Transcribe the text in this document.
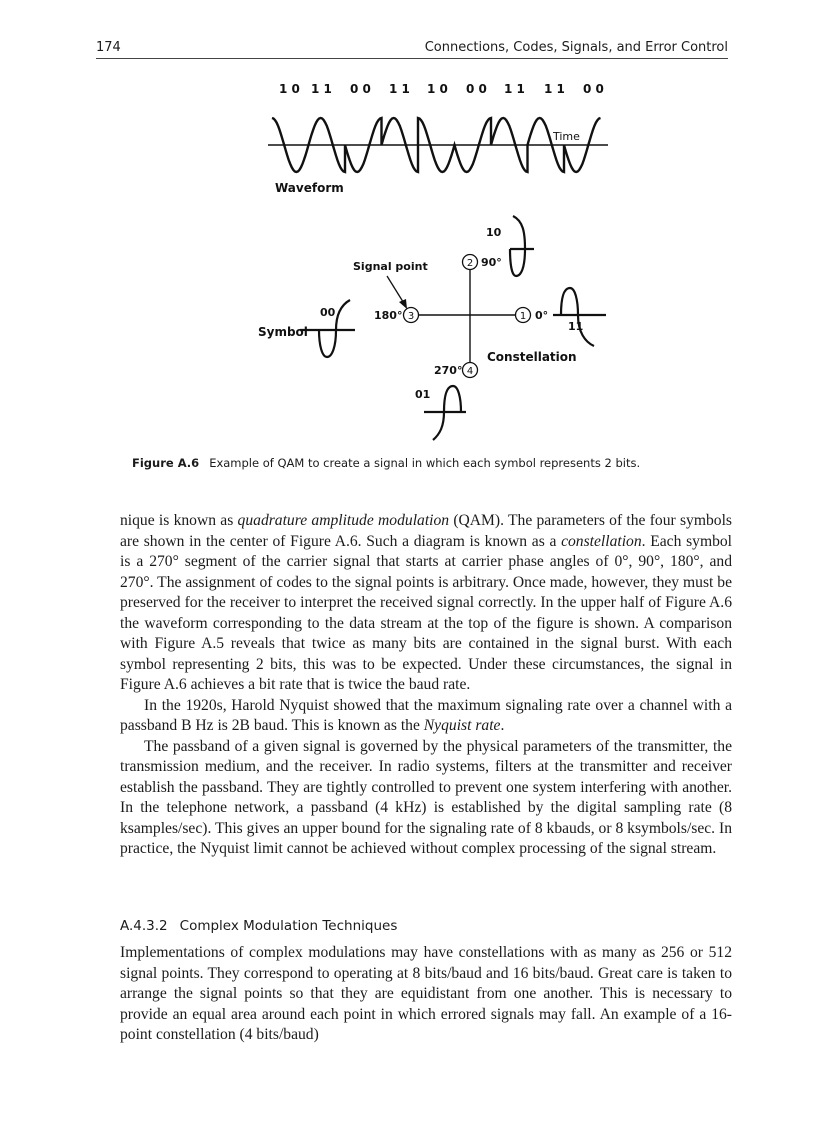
174	Connections, Codes, Signals, and Error Control
1 0 1 1 0 0 1 1 1 0 0 0 1 1 1 1 0 0
Time
Waveform
1
2
3
4
0°
11
90°
10
180°
00
270°
01
Signal point
Symbol
Constellation
Figure A.6 Example of QAM to create a signal in which each symbol represents 2 bits.

nique is known as quadrature amplitude modulation (QAM). The parameters of the four symbols are shown in the center of Figure A.6. Such a diagram is known as a constellation. Each symbol is a 270° segment of the carrier signal that starts at carrier phase angles of 0°, 90°, 180°, and 270°. The assignment of codes to the signal points is arbitrary. Once made, however, they must be preserved for the receiver to interpret the received signal correctly. In the upper half of Figure A.6 the waveform corresponding to the data stream at the top of the figure is shown. A comparison with Figure A.5 reveals that twice as many bits are contained in the signal burst. With each symbol representing 2 bits, this was to be expected. Under these circumstances, the signal in Figure A.6 achieves a bit rate that is twice the baud rate.

In the 1920s, Harold Nyquist showed that the maximum signaling rate over a channel with a passband B Hz is 2B baud. This is known as the Nyquist rate.

The passband of a given signal is governed by the physical parameters of the transmitter, the transmission medium, and the receiver. In radio systems, filters at the transmitter and receiver establish the passband. They are tightly controlled to prevent one system interfering with another. In the telephone network, a passband (4 kHz) is established by the digital sampling rate (8 ksamples/sec). This gives an upper bound for the signaling rate of 8 kbauds, or 8 ksymbols/sec. In practice, the Nyquist limit cannot be achieved without complex processing of the signal stream.

A.4.3.2 Complex Modulation Techniques

Implementations of complex modulations may have constellations with as many as 256 or 512 signal points. They correspond to operating at 8 bits/baud and 16 bits/baud. Great care is taken to arrange the signal points so that they are equidistant from one another. This is necessary to provide an equal area around each point in which errored signals may fall. An example of a 16-point constellation (4 bits/baud)
